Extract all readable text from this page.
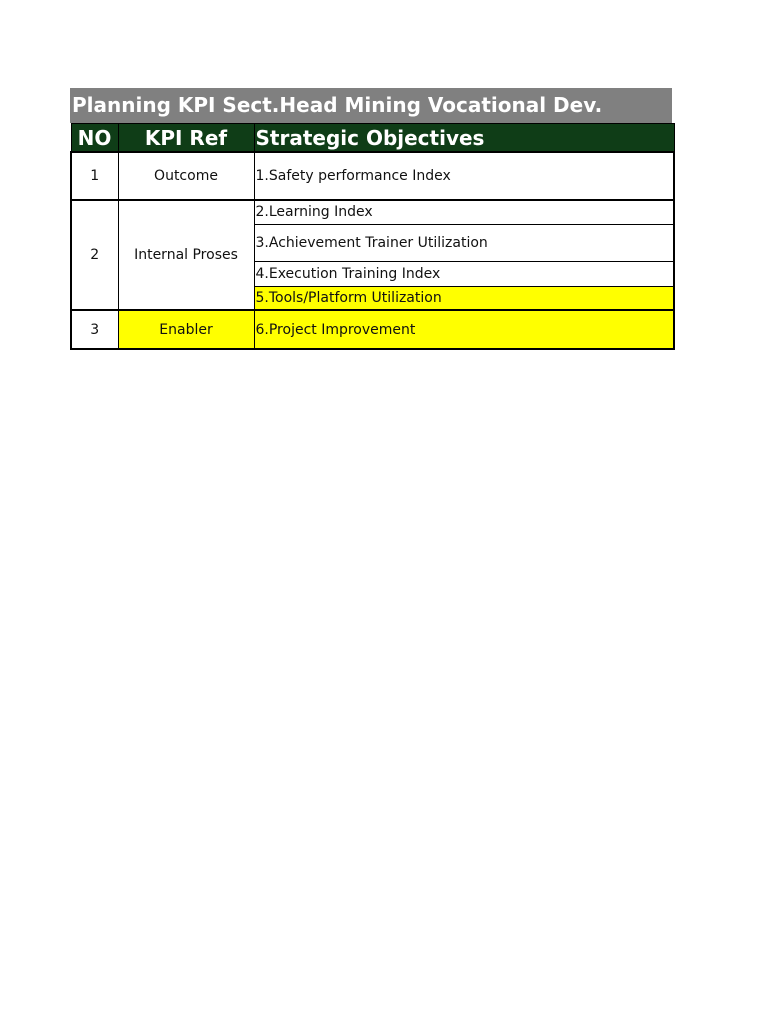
Planning KPI Sect.Head Mining Vocational Dev.
NO	KPI Ref	Strategic Objectives
1	Outcome	1.Safety performance Index
2	Internal Proses	2.Learning Index
		3.Achievement Trainer Utilization
		4.Execution Training Index
		5.Tools/Platform Utilization
3	Enabler	6.Project Improvement
